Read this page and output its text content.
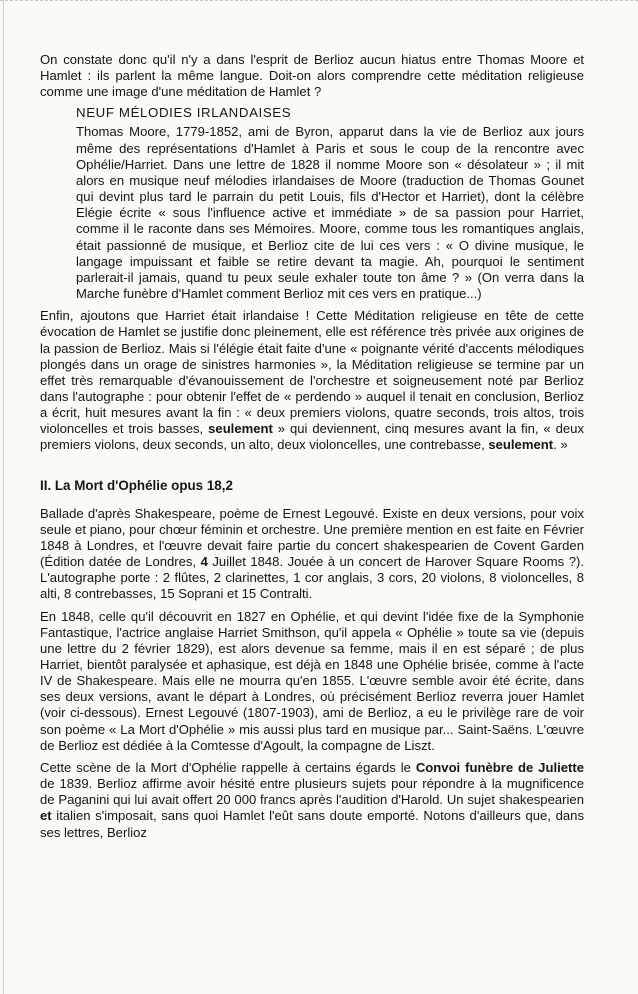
On constate donc qu'il n'y a dans l'esprit de Berlioz aucun hiatus entre Thomas Moore et Hamlet : ils parlent la même langue. Doit-on alors comprendre cette méditation religieuse comme une image d'une méditation de Hamlet ?

NEUF MÉLODIES IRLANDAISES

Thomas Moore, 1779-1852, ami de Byron, apparut dans la vie de Berlioz aux jours même des représentations d'Hamlet à Paris et sous le coup de la rencontre avec Ophélie/Harriet. Dans une lettre de 1828 il nomme Moore son « désolateur » ; il mit alors en musique neuf mélodies irlandaises de Moore (traduction de Thomas Gounet qui devint plus tard le parrain du petit Louis, fils d'Hector et Harriet), dont la célèbre Elégie écrite « sous l'influence active et immédiate » de sa passion pour Harriet, comme il le raconte dans ses Mémoires. Moore, comme tous les romantiques anglais, était passionné de musique, et Berlioz cite de lui ces vers : « O divine musique, le langage impuissant et faible se retire devant ta magie. Ah, pourquoi le sentiment parlerait-il jamais, quand tu peux seule exhaler toute ton âme ? » (On verra dans la Marche funèbre d'Hamlet comment Berlioz mit ces vers en pratique...)

Enfin, ajoutons que Harriet était irlandaise ! Cette Méditation religieuse en tête de cette évocation de Hamlet se justifie donc pleinement, elle est référence très privée aux origines de la passion de Berlioz. Mais si l'élégie était faite d'une « poignante vérité d'accents mélodiques plongés dans un orage de sinistres harmonies », la Méditation religieuse se termine par un effet très remarquable d'évanouissement de l'orchestre et soigneusement noté par Berlioz dans l'autographe : pour obtenir l'effet de « perdendo » auquel il tenait en conclusion, Berlioz a écrit, huit mesures avant la fin : « deux premiers violons, quatre seconds, trois altos, trois violoncelles et trois basses, seulement » qui deviennent, cinq mesures avant la fin, « deux premiers violons, deux seconds, un alto, deux violoncelles, une contrebasse, seulement. »

II. La Mort d'Ophélie opus 18,2

Ballade d'après Shakespeare, poème de Ernest Legouvé. Existe en deux versions, pour voix seule et piano, pour chœur féminin et orchestre. Une première mention en est faite en Février 1848 à Londres, et l'œuvre devait faire partie du concert shakespearien de Covent Garden (Édition datée de Londres, 4 Juillet 1848. Jouée à un concert de Harover Square Rooms ?). L'autographe porte : 2 flûtes, 2 clarinettes, 1 cor anglais, 3 cors, 20 violons, 8 violoncelles, 8 alti, 8 contrebasses, 15 Soprani et 15 Contralti.

En 1848, celle qu'il découvrit en 1827 en Ophélie, et qui devint l'idée fixe de la Symphonie Fantastique, l'actrice anglaise Harriet Smithson, qu'il appela « Ophélie » toute sa vie (depuis une lettre du 2 février 1829), est alors devenue sa femme, mais il en est séparé ; de plus Harriet, bientôt paralysée et aphasique, est déjà en 1848 une Ophélie brisée, comme à l'acte IV de Shakespeare. Mais elle ne mourra qu'en 1855. L'œuvre semble avoir été écrite, dans ses deux versions, avant le départ à Londres, où précisément Berlioz reverra jouer Hamlet (voir ci-dessous). Ernest Legouvé (1807-1903), ami de Berlioz, a eu le privilège rare de voir son poème « La Mort d'Ophélie » mis aussi plus tard en musique par... Saint-Saëns. L'œuvre de Berlioz est dédiée à la Comtesse d'Agoult, la compagne de Liszt.

Cette scène de la Mort d'Ophélie rappelle à certains égards le Convoi funèbre de Juliette de 1839. Berlioz affirme avoir hésité entre plusieurs sujets pour répondre à la mugnificence de Paganini qui lui avait offert 20 000 francs après l'audition d'Harold. Un sujet shakespearien et italien s'imposait, sans quoi Hamlet l'eût sans doute emporté. Notons d'ailleurs que, dans ses lettres, Berlioz
